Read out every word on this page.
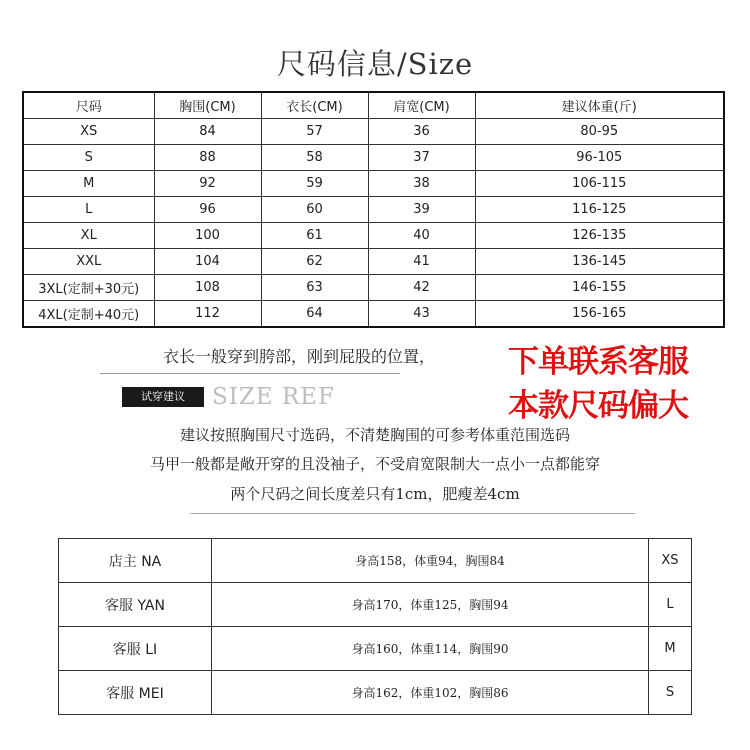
尺码信息/Size
尺码	胸围(CM)	衣长(CM)	肩宽(CM)	建议体重(斤)
XS	84	57	36	80-95
S	88	58	37	96-105
M	92	59	38	106-115
L	96	60	39	116-125
XL	100	61	40	126-135
XXL	104	62	41	136-145
3XL(定制+30元)	108	63	42	146-155
4XL(定制+40元)	112	64	43	156-165
衣长一般穿到胯部，刚到屁股的位置， 下单联系客服
本款尺码偏大
试穿建议	SIZE REF
建议按照胸围尺寸选码，不清楚胸围的可参考体重范围选码
马甲一般都是敞开穿的且没袖子，不受肩宽限制大一点小一点都能穿
两个尺码之间长度差只有1cm，肥瘦差4cm
店主 NA	身高158，体重94，胸围84	XS
客服 YAN	身高170，体重125，胸围94	L
客服 LI	身高160，体重114，胸围90	M
客服 MEI	身高162，体重102，胸围86	S
